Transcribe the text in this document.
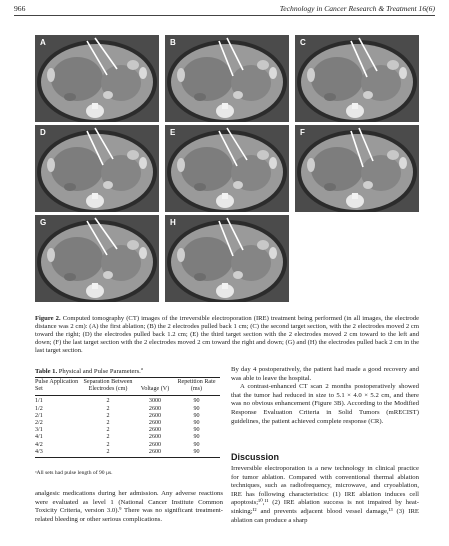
966	Technology in Cancer Research & Treatment 16(6)
A	B	C
D	E	F
G	H
Figure 2. Computed tomography (CT) images of the irreversible electroporation (IRE) treatment being performed (in all images, the electrode distance was 2 cm): (A) the first ablation; (B) the 2 electrodes pulled back 1 cm; (C) the second target section, with the 2 electrodes moved 2 cm toward the right; (D) the electrodes pulled back 1.2 cm; (E) the third target section with the 2 electrodes moved 2 cm toward to the left and down; (F) the last target section with the 2 electrodes moved 2 cm toward the right and down; (G) and (H) the electrodes pulled back 2 cm in the last target section.
Table 1. Physical and Pulse Parameters.$^a$
Pulse Application Set	Separation Between Electrodes (cm)	Voltage (V)	Repetition Rate (ms)
1/1	2	3000	90
1/2	2	2600	90
2/1	2	2600	90
2/2	2	2600	90
3/1	2	2600	90
4/1	2	2600	90
4/2	2	2600	90
4/3	2	2600	90
ᵃAll sets had pulse length of 90 μs.
analgesic medications during her admission. Any adverse reactions were evaluated as level 1 (National Cancer Institute Common Toxicity Criteria, version 3.0).⁹ There was no significant treatment-related bleeding or other serious complications.

By day 4 postoperatively, the patient had made a good recovery and was able to leave the hospital.

A contrast-enhanced CT scan 2 months postoperatively showed that the tumor had reduced in size to 5.1 × 4.0 × 5.2 cm, and there was no obvious enhancement (Figure 3B). According to the Modified Response Evaluation Criteria in Solid Tumors (mRECIST) guidelines, the patient achieved complete response (CR).

Discussion
Irreversible electroporation is a new technology in clinical practice for tumor ablation. Compared with conventional thermal ablation techniques, such as radiofrequency, microwave, and cryoablation, IRE has following characteristics: (1) IRE ablation induces cell apoptosis;¹⁰,¹¹ (2) IRE ablation success is not impaired by heat-sinking;¹² and prevents adjacent blood vessel damage,¹³ (3) IRE ablation can produce a sharp
